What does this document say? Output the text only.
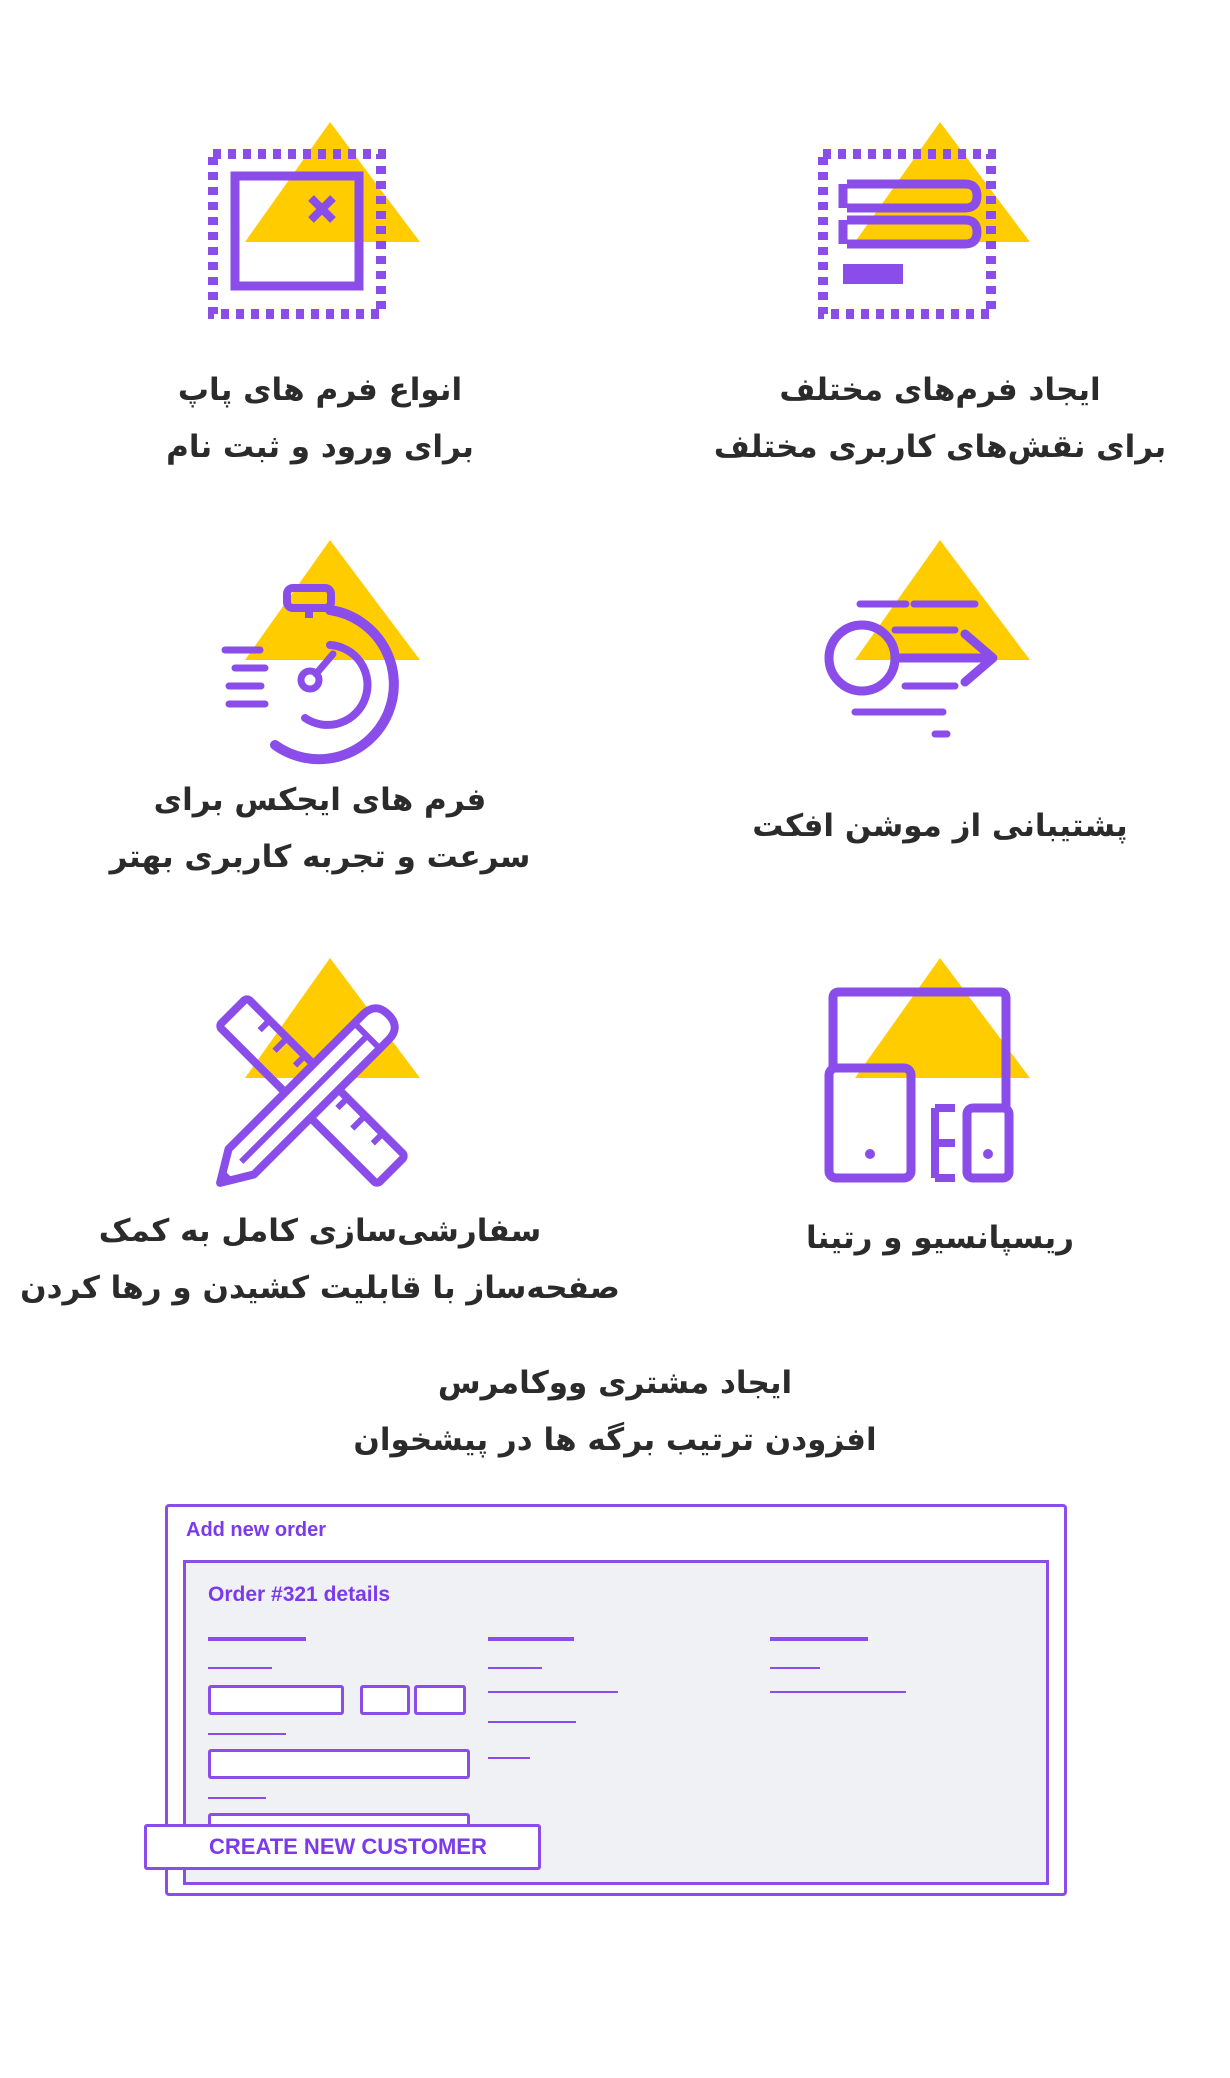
ایجاد فرم‌های مختلف
برای نقش‌های کاربری مختلف
انواع فرم های پاپ
برای ورود و ثبت نام
پشتیبانی از موشن افکت
فرم های ایجکس برای
سرعت و تجربه کاربری بهتر
ریسپانسیو و رتینا
سفارشی‌سازی کامل به کمک
صفحه‌ساز با قابلیت کشیدن و رها کردن
ایجاد مشتری ووکامرس
افزودن ترتیب برگه ها در پیشخوان
Add new order
Order #321 details
CREATE NEW CUSTOMER
